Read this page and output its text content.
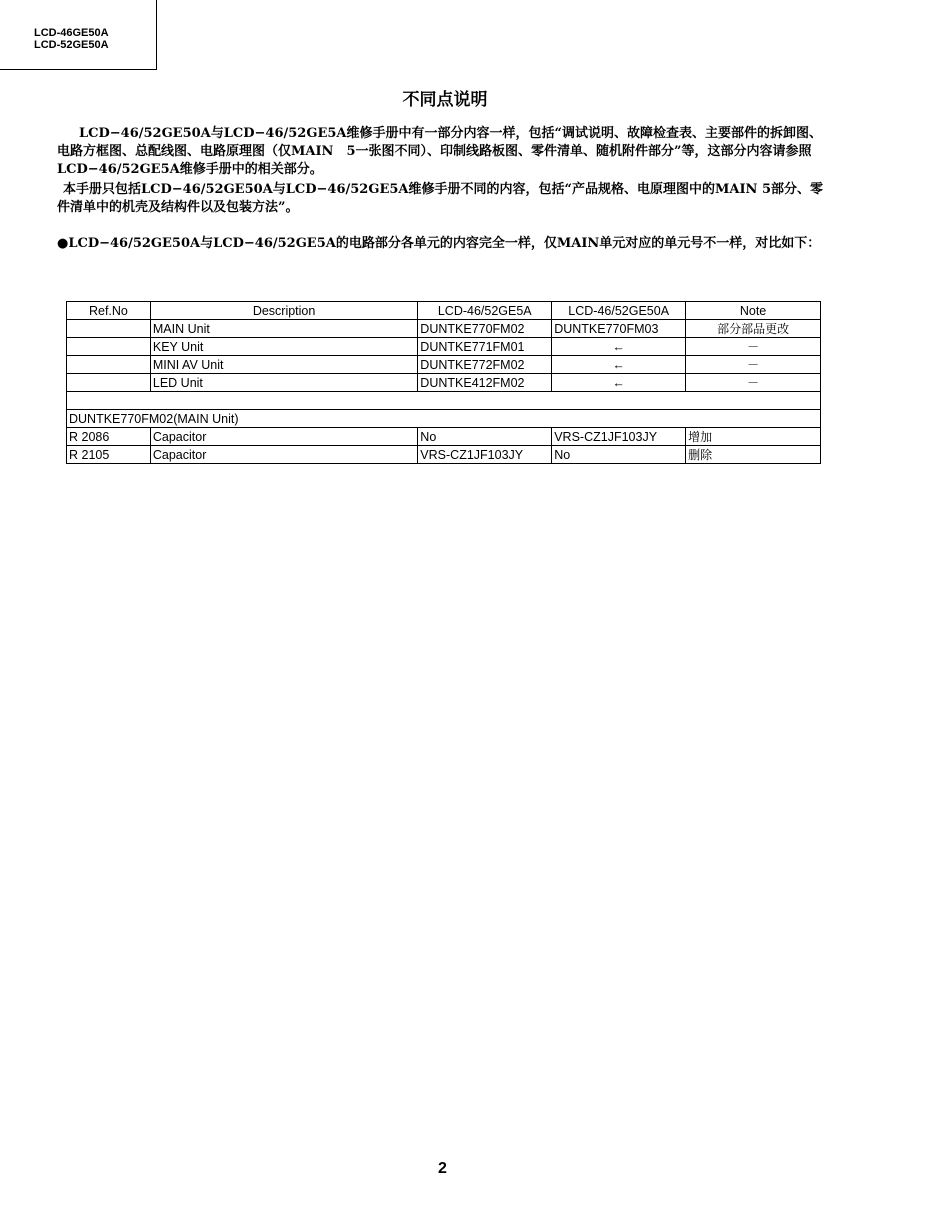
LCD-46GE50A
LCD-52GE50A
不同点说明
LCD−46/52GE50A与LCD−46/52GE5A维修手册中有一部分内容一样，包括“调试说明、故障检查表、主要部件的拆卸图、电路方框图、总配线图、电路原理图（仅MAIN　5一张图不同）、印制线路板图、零件清单、随机附件部分”等，这部分内容请参照LCD−46/52GE5A维修手册中的相关部分。
本手册只包括LCD−46/52GE50A与LCD−46/52GE5A维修手册不同的内容，包括“产品规格、电原理图中的MAIN 5部分、零件清单中的机壳及结构件以及包装方法”。
●LCD−46/52GE50A与LCD−46/52GE5A的电路部分各单元的内容完全一样，仅MAIN单元对应的单元号不一样，对比如下：
Ref.No	Description	LCD-46/52GE5A	LCD-46/52GE50A	Note
	MAIN Unit	DUNTKE770FM02	DUNTKE770FM03	部分部品更改
	KEY Unit	DUNTKE771FM01	←	－
	MINI AV Unit	DUNTKE772FM02	←	－
	LED Unit	DUNTKE412FM02	←	－

DUNTKE770FM02(MAIN Unit)				
R 2086	Capacitor	No	VRS-CZ1JF103JY	增加
R 2105	Capacitor	VRS-CZ1JF103JY	No	删除
2
